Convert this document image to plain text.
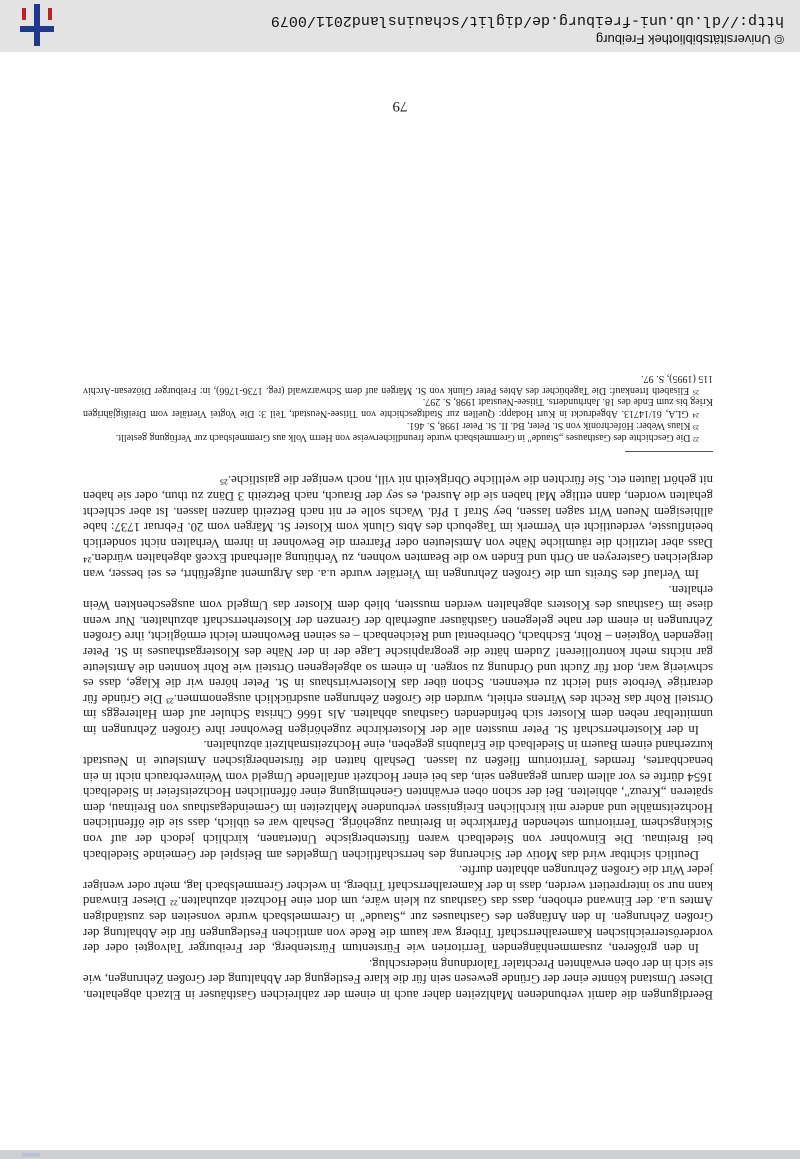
Beerdigungen die damit verbundenen Mahlzeiten daher auch in einem der zahlreichen Gasthäuser in Elzach abgehalten. Dieser Umstand könnte einer der Gründe gewesen sein für die klare Festlegung der Abhaltung der Großen Zehrungen, wie sie sich in der oben erwähnten Prechtaler Talordnung niederschlug.

In den größeren, zusammenhängenden Territorien wie Fürstentum Fürstenberg, der Freiburger Talvogtei oder der vorderösterreichischen Kameralherrschaft Triberg war kaum die Rede von amtlichen Festlegungen für die Abhaltung der Großen Zehrungen. In den Anfängen des Gasthauses zur „Staude" in Gremmelsbach wurde vonseiten des zuständigen Amtes u.a. der Einwand erhoben, dass das Gasthaus zu klein wäre, um dort eine Hochzeit abzuhalten.²² Dieser Einwand kann nur so interpretiert werden, dass in der Kameralherrschaft Triberg, in welcher Gremmelsbach lag, mehr oder weniger jeder Wirt die Großen Zehrungen abhalten durfte.

Deutlich sichtbar wird das Motiv der Sicherung des herrschaftlichen Umgeldes am Beispiel der Gemeinde Siedelbach bei Breitnau. Die Einwohner von Siedelbach waren fürstenbergische Untertanen, kirchlich jedoch der auf von Sickingschem Territorium stehenden Pfarrkirche in Breitnau zugehörig. Deshalb war es üblich, dass sie die öffentlichen Hochzeitsmähle und andere mit kirchlichen Ereignissen verbundene Mahlzeiten im Gemeindegasthaus von Breitnau, dem späteren „Kreuz", abhielten. Bei der schon oben erwähnten Genehmigung einer öffentlichen Hochzeitsfeier in Siedelbach 1654 dürfte es vor allem darum gegangen sein, das bei einer Hochzeit anfallende Umgeld vom Weinverbrauch nicht in ein benachbartes, fremdes Territorium fließen zu lassen. Deshalb hatten die fürstenbergischen Amtsleute in Neustadt kurzerhand einem Bauern in Siedelbach die Erlaubnis gegeben, eine Hochzeitsmahlzeit abzuhalten.

In der Klosterherrschaft St. Peter mussten alle der Klosterkirche zugehörigen Bewohner ihre Großen Zehrungen im unmittelbar neben dem Kloster sich befindenden Gasthaus abhalten. Als 1666 Christa Schuler auf dem Haltereggs im Ortsteil Rohr das Recht des Wirtens erhielt, wurden die Großen Zehrungen ausdrücklich ausgenommen.²³ Die Gründe für derartige Verbote sind leicht zu erkennen. Schon über das Klosterwirtshaus in St. Peter hören wir die Klage, dass es schwierig war, dort für Zucht und Ordnung zu sorgen. In einem so abgelegenen Ortsteil wie Rohr konnten die Amtsleute gar nichts mehr kontrollieren! Zudem hätte die geographische Lage der in der Nähe des Klostergasthauses in St. Peter liegenden Vogteien – Rohr, Eschbach, Oberibental und Reichenbach – es seinen Bewohnern leicht ermöglicht, ihre Großen Zehrungen in einem der nahe gelegenen Gasthäuser außerhalb der Grenzen der Klosterherrschaft abzuhalten. Nur wenn diese im Gasthaus des Klosters abgehalten werden mussten, blieb dem Kloster das Umgeld vom ausgeschenkten Wein erhalten.

Im Verlauf des Streits um die Großen Zehrungen im Viertäler wurde u.a. das Argument aufgeführt, es sei besser, wan dergleichen Gastereyen an Orth und Enden wo die Beamten wohnen, zu Verhütung allerhandt Exceß abgehalten würden.²⁴ Dass aber letztlich die räumliche Nähe von Amtsleuten oder Pfarrern die Bewohner in ihrem Verhalten nicht sonderlich beeinflusste, verdeutlicht ein Vermerk im Tagebuch des Abts Glunk vom Kloster St. Märgen vom 20. Februar 1737: habe allhiesigem Neuen Wirt sagen lassen, bey Straf 1 Pfd. Wachs solle er nit nach Betzeith danzen lassen. Ist aber schlecht gehalten worden, dann ettlige Mal haben sie die Ausred, es sey der Brauch, nach Betzeith 3 Dänz zu thun, oder sie haben nit gehört läuten etc. Sie fürchten die weltliche Obrigkeith nit vill, noch weniger die gaistliche.²⁵

²² Die Geschichte des Gasthauses „Staude" in Gremmelsbach wurde freundlicherweise von Herrn Volk aus Gremmelsbach zur Verfügung gestellt.

²³ Klaus Weber: Höfechronik von St. Peter, Bd. II. St. Peter 1998, S. 461.

²⁴ GLA, 61/14713. Abgedruckt in Kurt Hodapp: Quellen zur Stadtgeschichte von Titisee-Neustadt, Teil 3: Die Vogtei Viertäler vom Dreißigjährigen Krieg bis zum Ende des 18. Jahrhunderts. Titisee-Neustadt 1998, S. 297.

²⁵ Elisabeth Irtenkauf: Die Tagebücher des Abtes Peter Glunk von St. Märgen auf dem Schwarzwald (reg. 1736-1766), in: Freiburger Diözesan-Archiv 115 (1995), S. 97.

79
© Universitätsbibliothek Freiburg
http://dl.ub.uni-freiburg.de/diglit/schauinsland2011/0079
